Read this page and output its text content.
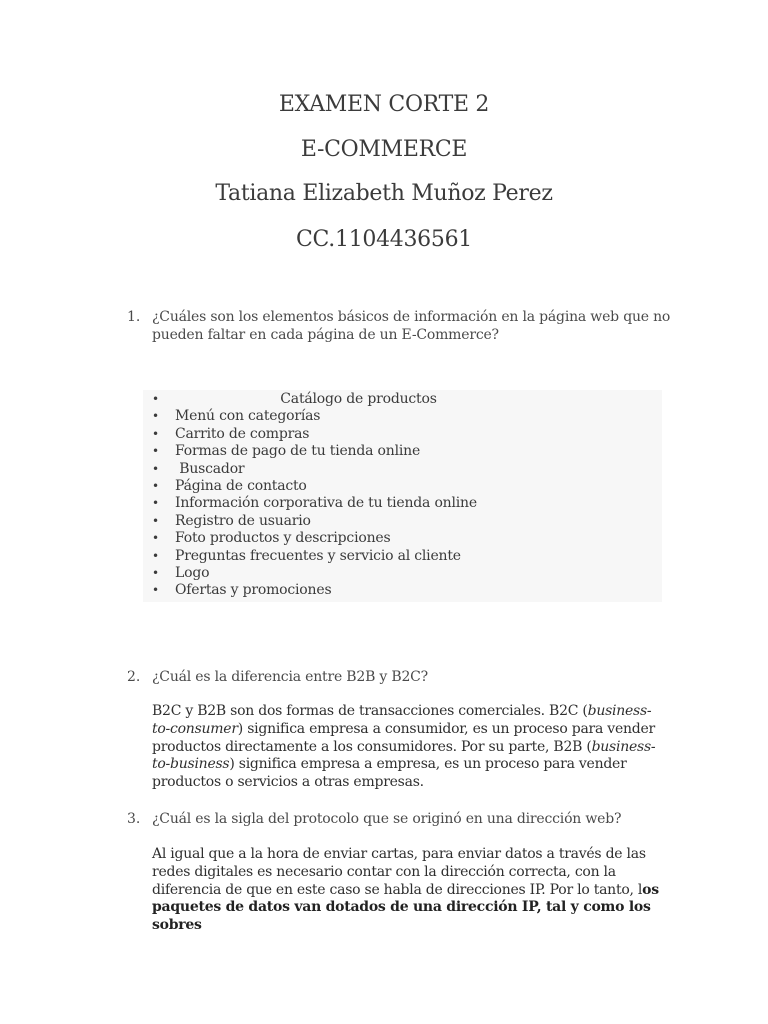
EXAMEN CORTE 2
E-COMMERCE
Tatiana Elizabeth Muñoz Perez
CC.1104436561
1. ¿Cuáles son los elementos básicos de información en la página web que no pueden faltar en cada página de un E-Commerce?
•	Catálogo de productos
• Menú con categorías
• Carrito de compras
• Formas de pago de tu tienda online
• Buscador
• Página de contacto
• Información corporativa de tu tienda online
• Registro de usuario
• Foto productos y descripciones
• Preguntas frecuentes y servicio al cliente
• Logo
• Ofertas y promociones
2. ¿Cuál es la diferencia entre B2B y B2C?
B2C y B2B son dos formas de transacciones comerciales. B2C (business-to-consumer) significa empresa a consumidor, es un proceso para vender productos directamente a los consumidores. Por su parte, B2B (business-to-business) significa empresa a empresa, es un proceso para vender productos o servicios a otras empresas.
3. ¿Cuál es la sigla del protocolo que se originó en una dirección web?
Al igual que a la hora de enviar cartas, para enviar datos a través de las redes digitales es necesario contar con la dirección correcta, con la diferencia de que en este caso se habla de direcciones IP. Por lo tanto, los paquetes de datos van dotados de una dirección IP, tal y como los sobres
